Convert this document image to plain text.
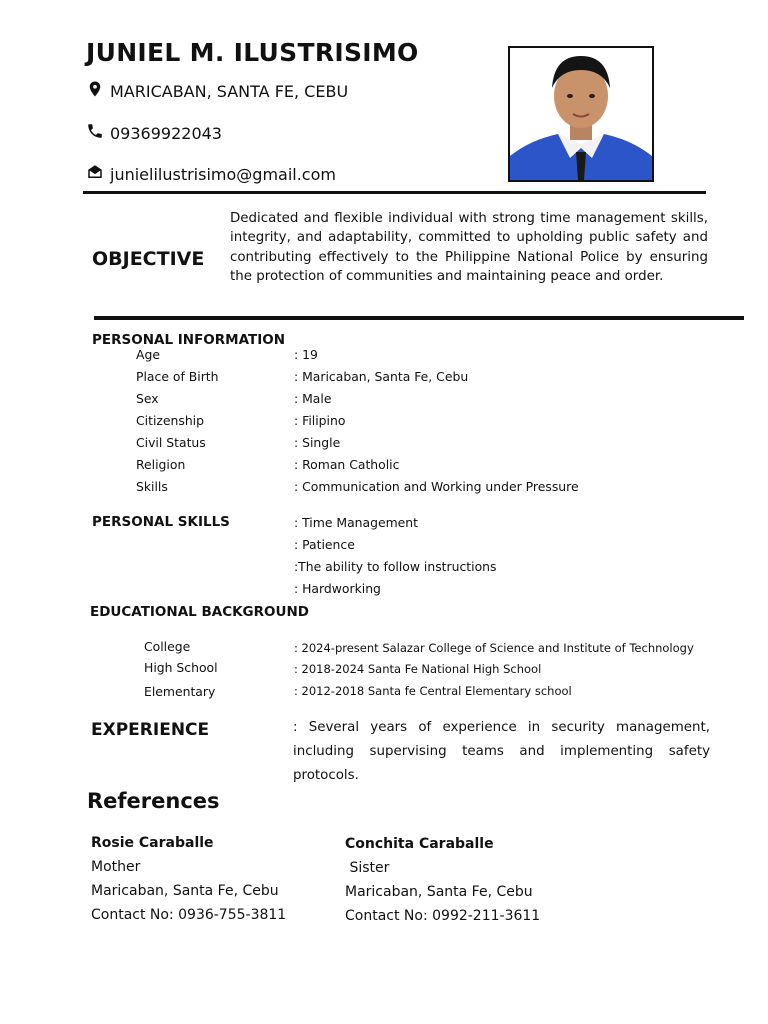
JUNIEL M. ILUSTRISIMO
MARICABAN, SANTA FE, CEBU
09369922043
junielilustrisimo@gmail.com
OBJECTIVE
Dedicated and flexible individual with strong time management skills, integrity, and adaptability, committed to upholding public safety and contributing effectively to the Philippine National Police by ensuring the protection of communities and maintaining peace and order.
PERSONAL INFORMATION
Age	: 19
Place of Birth	: Maricaban, Santa Fe, Cebu
Sex	: Male
Citizenship	: Filipino
Civil Status	: Single
Religion	: Roman Catholic
Skills	: Communication and Working under Pressure
PERSONAL SKILLS	: Time Management
: Patience
:The ability to follow instructions
: Hardworking
EDUCATIONAL BACKGROUND
College	: 2024-present Salazar College of Science and Institute of Technology
High School	: 2018-2024 Santa Fe National High School
Elementary	: 2012-2018 Santa fe Central Elementary school
EXPERIENCE	: Several years of experience in security management, including supervising teams and implementing safety protocols.
References
Rosie Caraballe
Mother
Maricaban, Santa Fe, Cebu
Contact No: 0936-755-3811
Conchita Caraballe
Sister
Maricaban, Santa Fe, Cebu
Contact No: 0992-211-3611
